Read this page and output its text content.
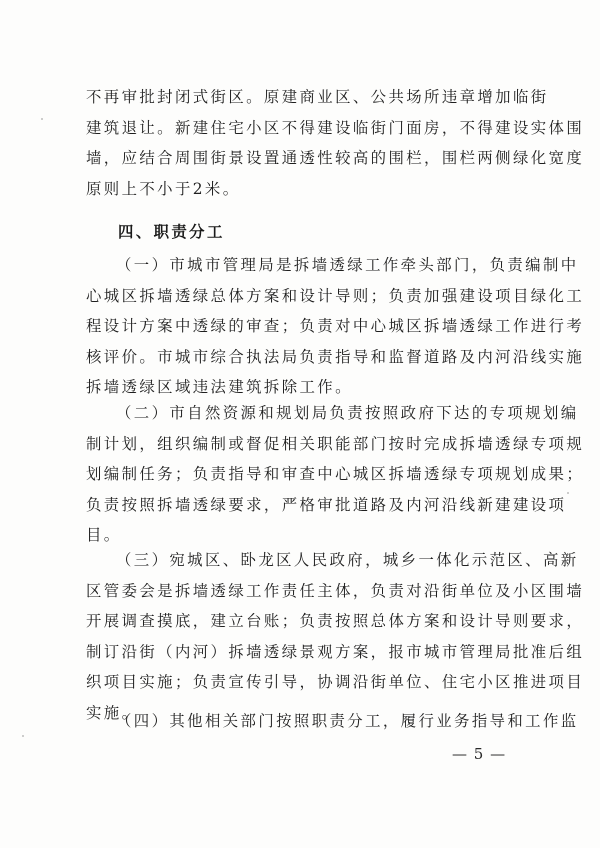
不再审批封闭式街区。原建商业区、公共场所违章增加临街
建筑退让。新建住宅小区不得建设临街门面房，不得建设实体围
墙，应结合周围街景设置通透性较高的围栏，围栏两侧绿化宽度
原则上不小于2米。
四、职责分工
（一）市城市管理局是拆墙透绿工作牵头部门，负责编制中
心城区拆墙透绿总体方案和设计导则；负责加强建设项目绿化工
程设计方案中透绿的审查；负责对中心城区拆墙透绿工作进行考
核评价。市城市综合执法局负责指导和监督道路及内河沿线实施
拆墙透绿区域违法建筑拆除工作。
（二）市自然资源和规划局负责按照政府下达的专项规划编
制计划，组织编制或督促相关职能部门按时完成拆墙透绿专项规
划编制任务；负责指导和审查中心城区拆墙透绿专项规划成果；
负责按照拆墙透绿要求，严格审批道路及内河沿线新建建设项
目。
（三）宛城区、卧龙区人民政府，城乡一体化示范区、高新
区管委会是拆墙透绿工作责任主体，负责对沿街单位及小区围墙
开展调查摸底，建立台账；负责按照总体方案和设计导则要求，
制订沿街（内河）拆墙透绿景观方案，报市城市管理局批准后组
织项目实施；负责宣传引导，协调沿街单位、住宅小区推进项目
实施。
（四）其他相关部门按照职责分工，履行业务指导和工作监
— 5 —
